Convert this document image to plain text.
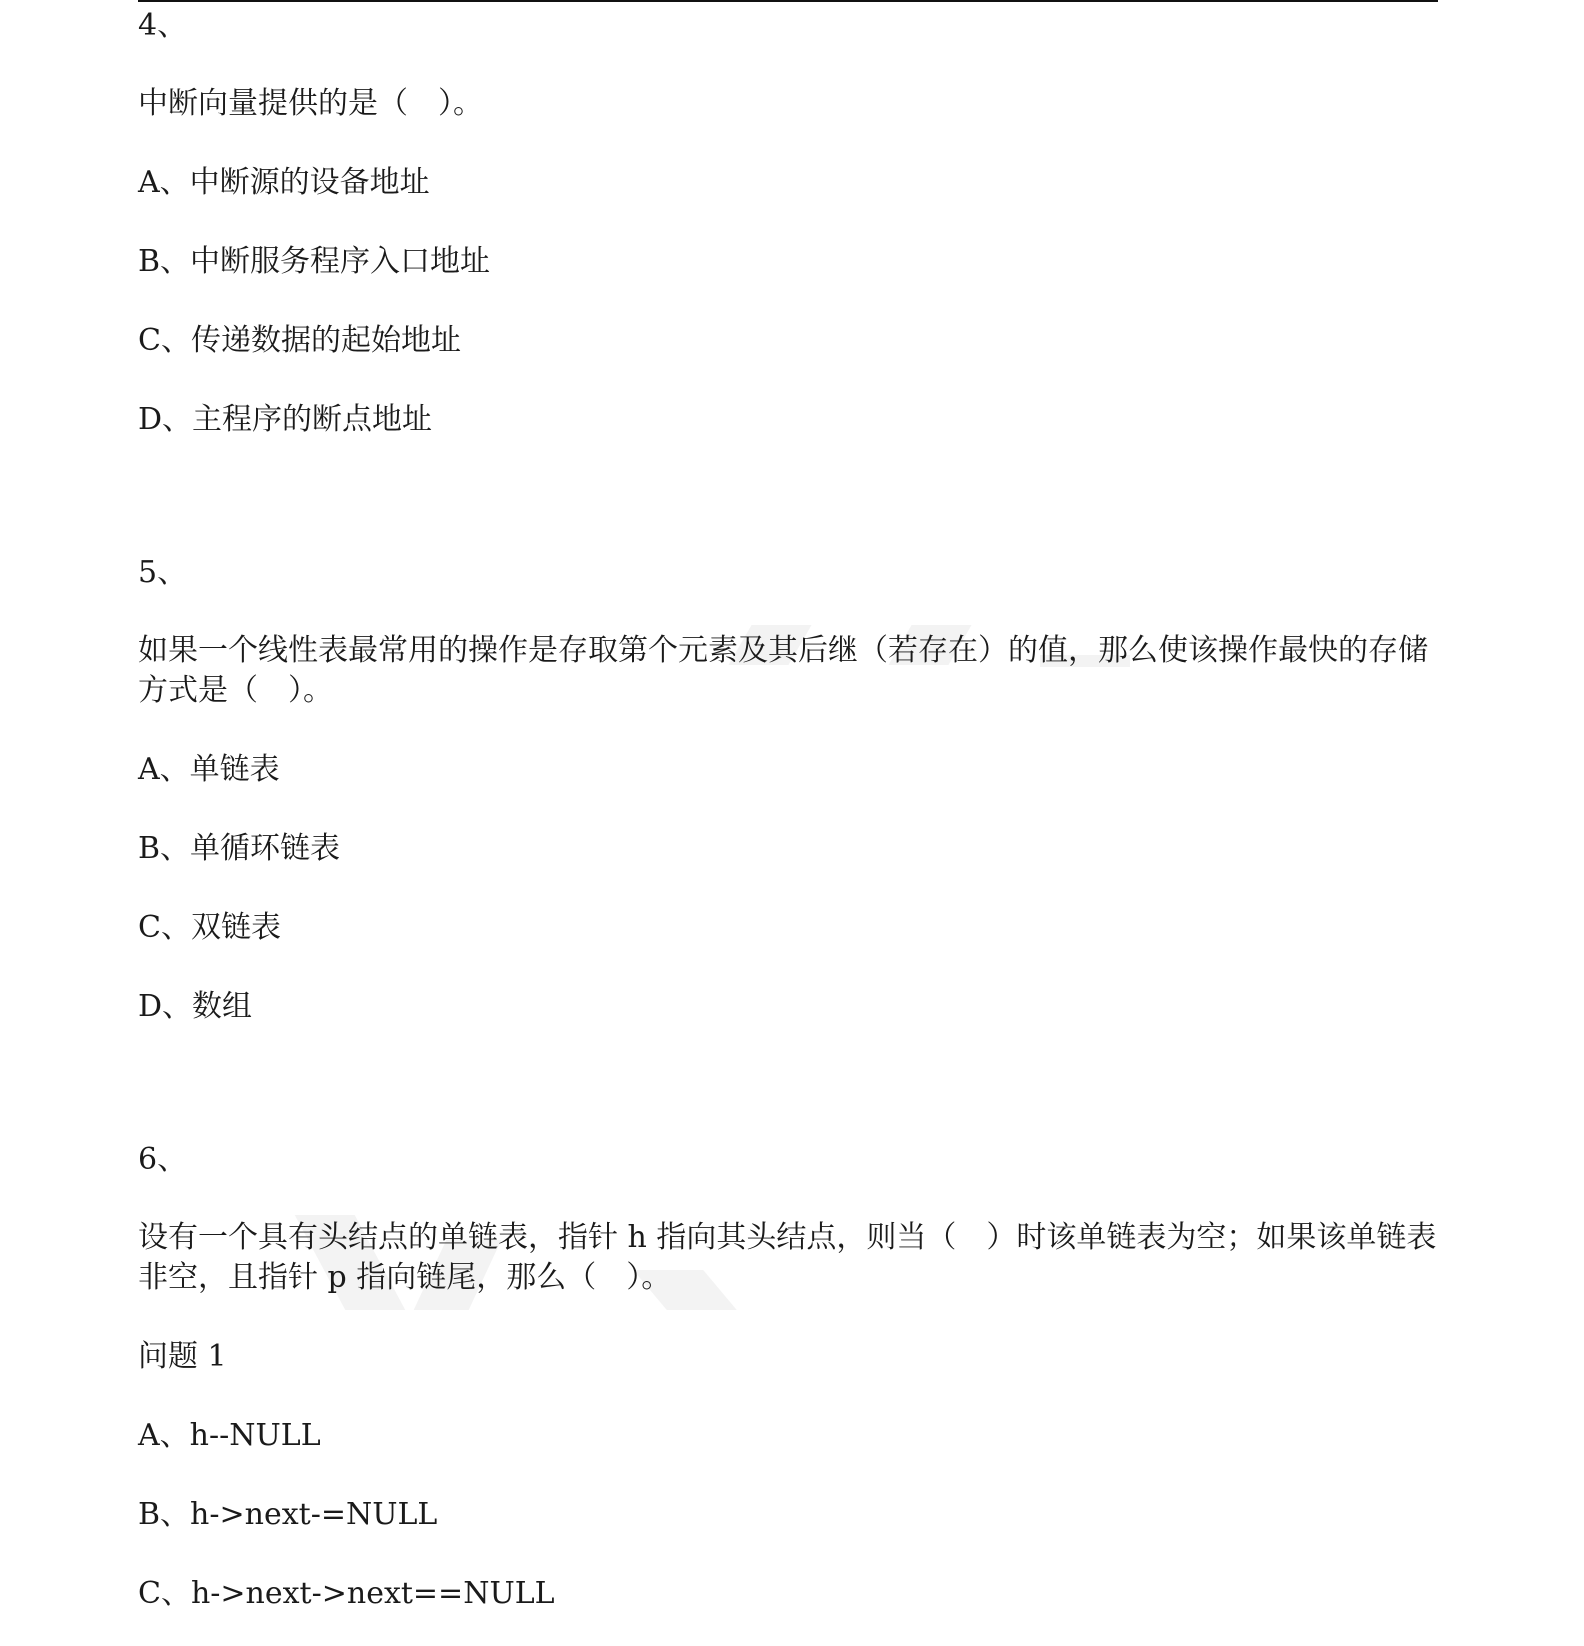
4、
中断向量提供的是（　）。
A、中断源的设备地址
B、中断服务程序入口地址
C、传递数据的起始地址
D、主程序的断点地址
5、
如果一个线性表最常用的操作是存取第个元素及其后继（若存在）的值，那么使该操作最快的存储方式是（　）。
A、单链表
B、单循环链表
C、双链表
D、数组
6、
设有一个具有头结点的单链表，指针 h 指向其头结点，则当（　）时该单链表为空；如果该单链表非空，且指针 p 指向链尾，那么（　）。
问题 1
A、h--NULL
B、h->next-=NULL
C、h->next->next==NULL
